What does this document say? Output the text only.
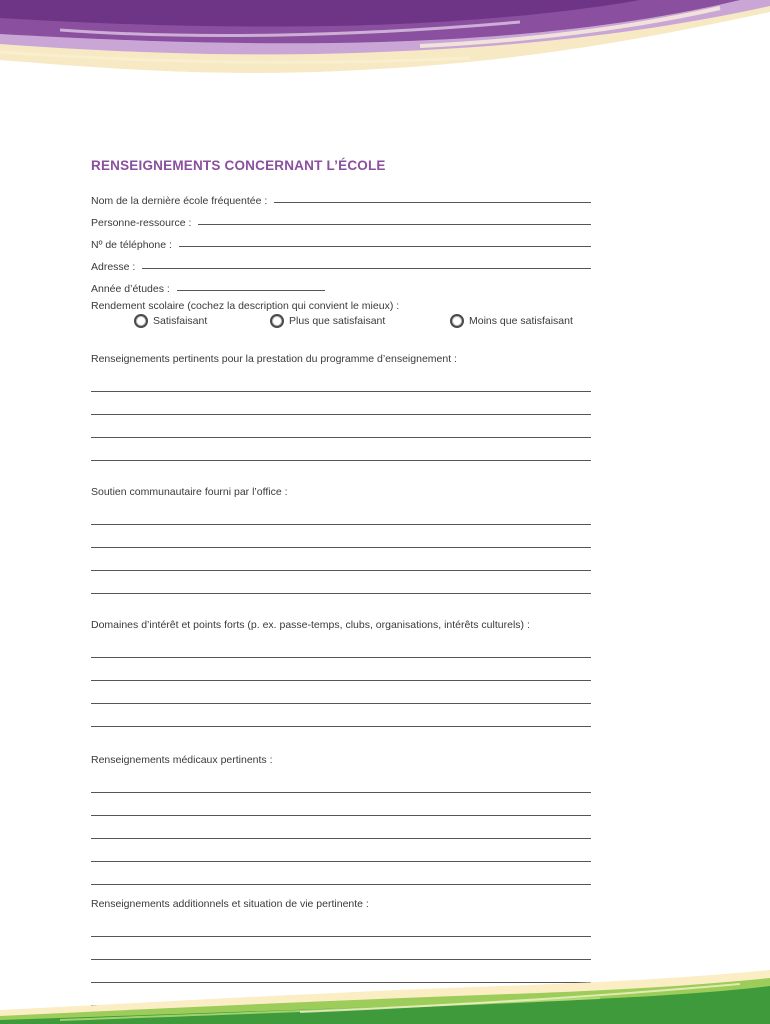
RENSEIGNEMENTS CONCERNANT L’ÉCOLE
Nom de la dernière école fréquentée :
Personne-ressource :
Nº de téléphone :
Adresse :
Année d’études :
Rendement scolaire (cochez la description qui convient le mieux) :
Satisfaisant	Plus que satisfaisant	Moins que satisfaisant
Renseignements pertinents pour la prestation du programme d’enseignement :
Soutien communautaire fourni par l’office :
Domaines d’intérêt et points forts (p. ex. passe-temps, clubs, organisations, intérêts culturels) :
Renseignements médicaux pertinents :
Renseignements additionnels et situation de vie pertinente :
